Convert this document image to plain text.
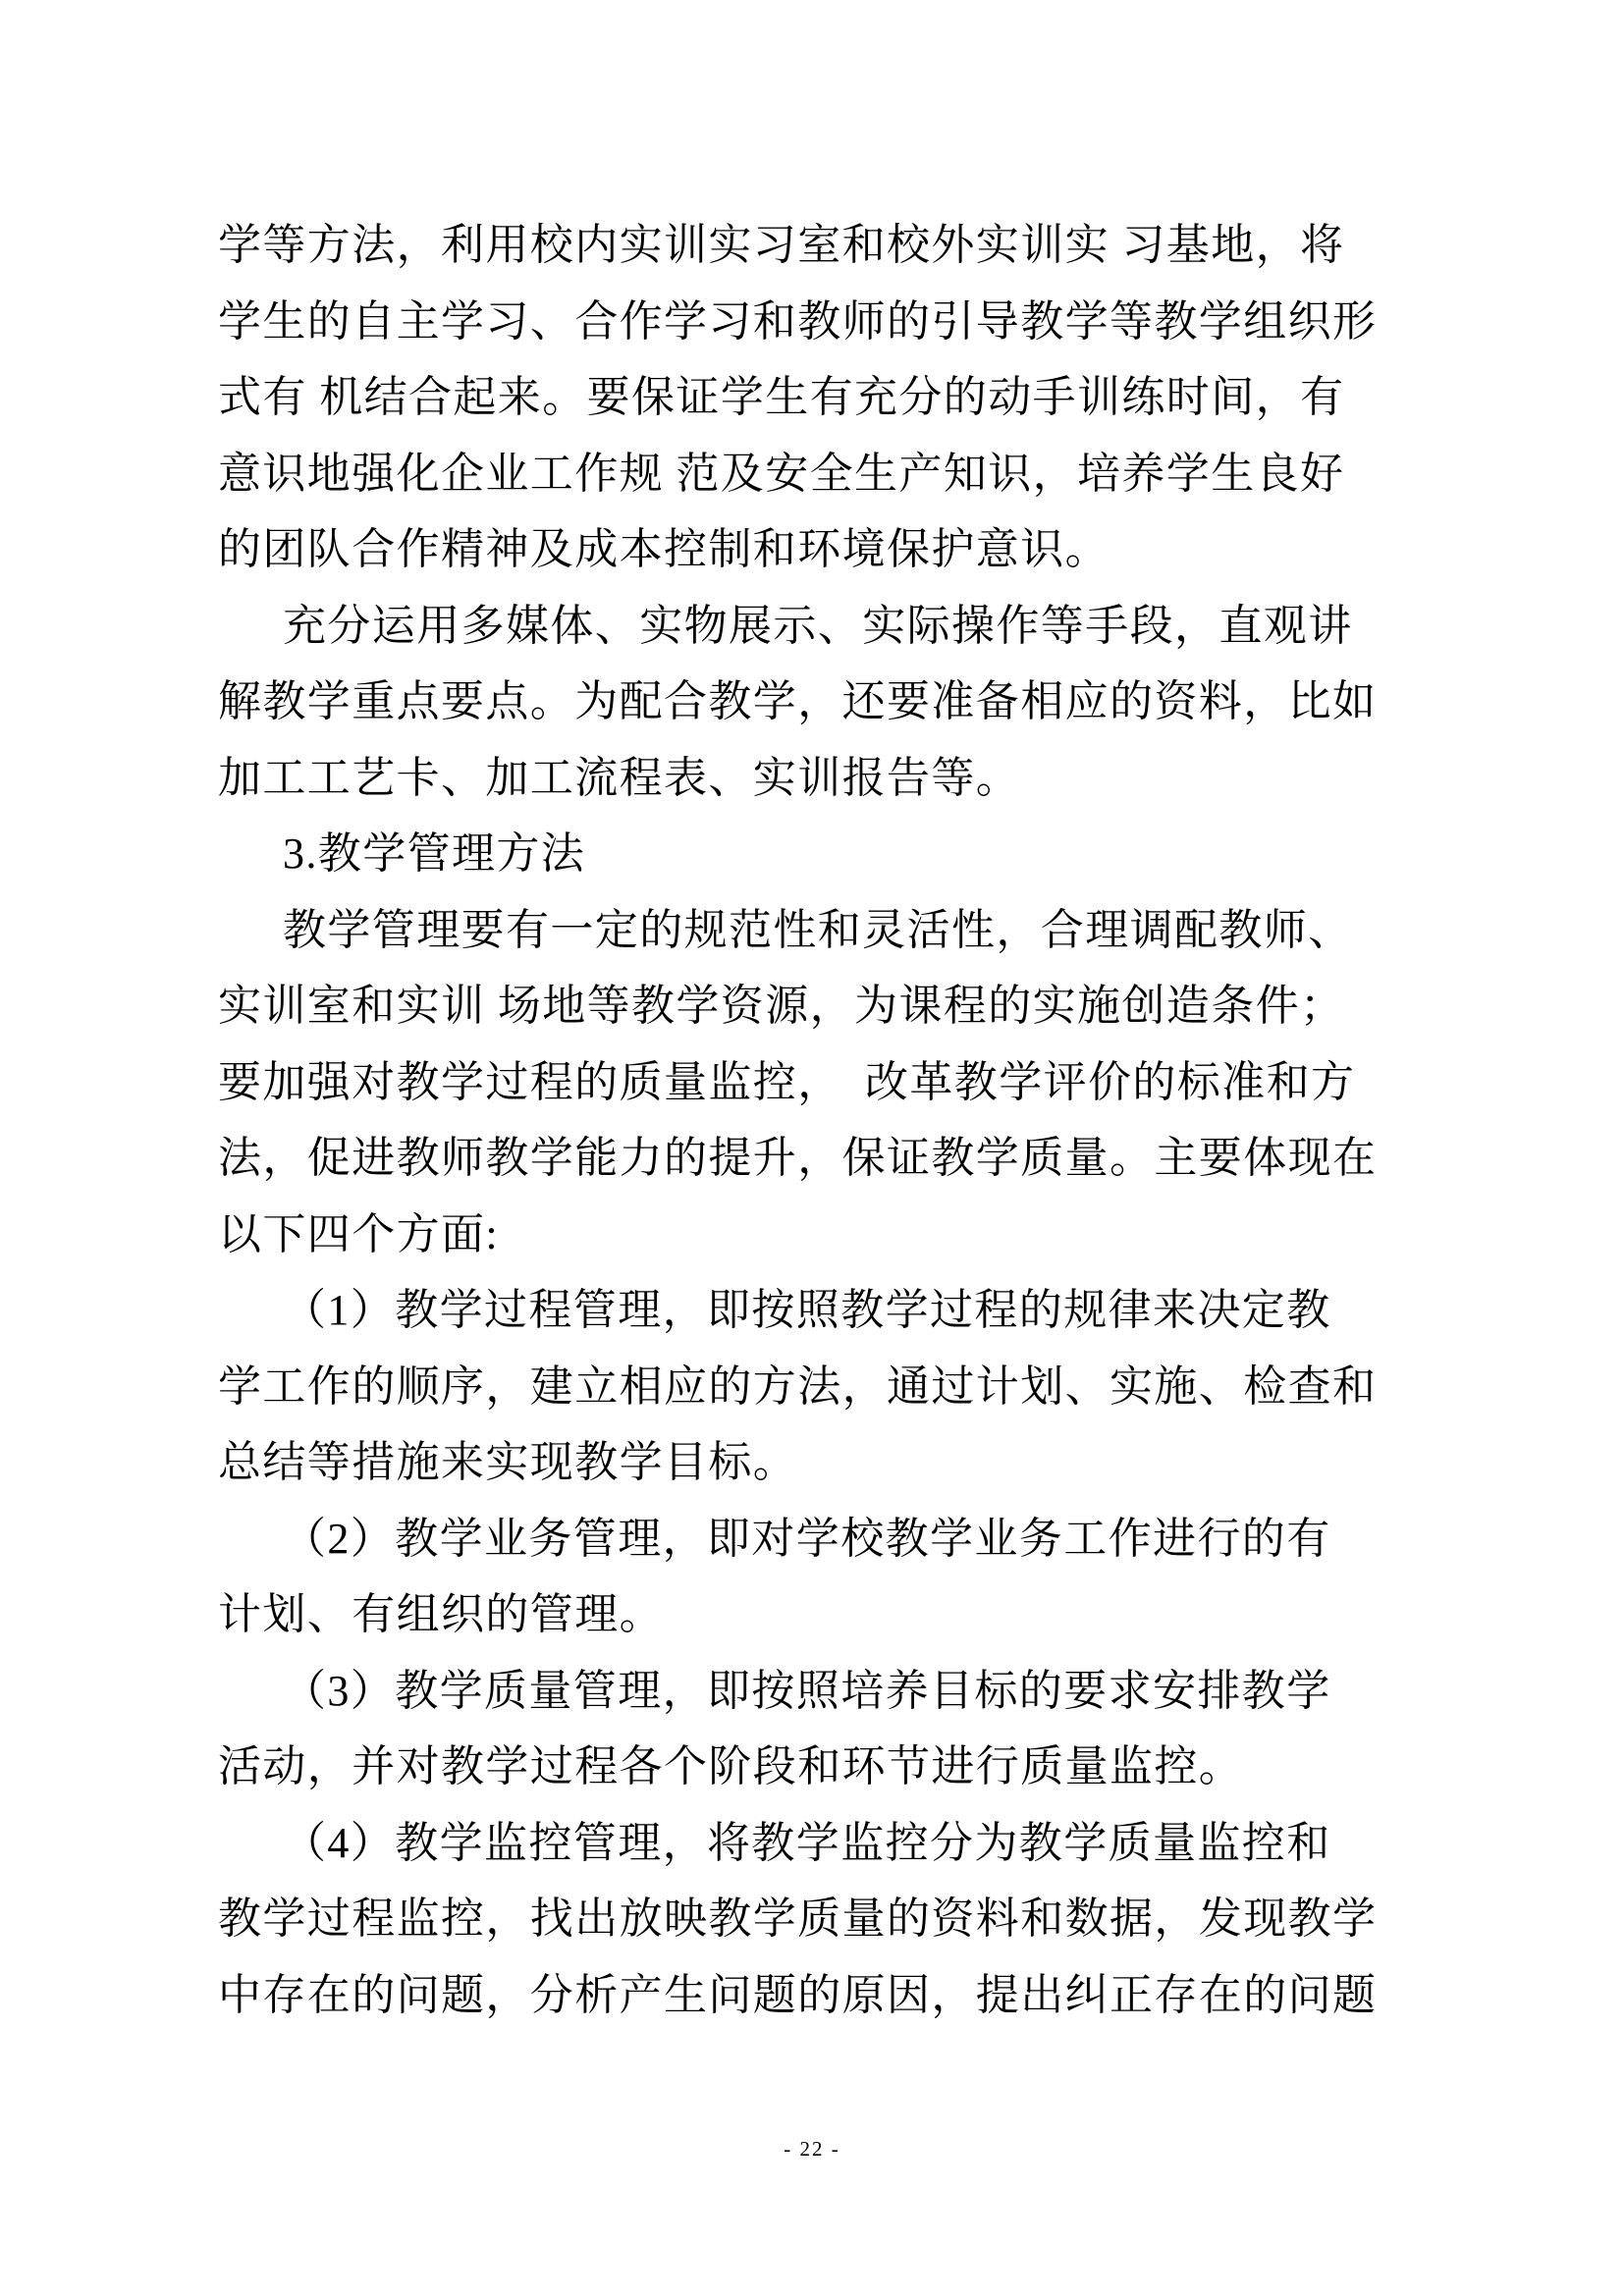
学等方法，利用校内实训实习室和校外实训实 习基地，将
学生的自主学习、合作学习和教师的引导教学等教学组织形
式有 机结合起来。要保证学生有充分的动手训练时间，有
意识地强化企业工作规 范及安全生产知识，培养学生良好
的团队合作精神及成本控制和环境保护意识。
充分运用多媒体、实物展示、实际操作等手段，直观讲
解教学重点要点。为配合教学，还要准备相应的资料，比如
加工工艺卡、加工流程表、实训报告等。
3.教学管理方法
教学管理要有一定的规范性和灵活性，合理调配教师、
实训室和实训 场地等教学资源，为课程的实施创造条件；
要加强对教学过程的质量监控，　改革教学评价的标准和方
法，促进教师教学能力的提升，保证教学质量。主要体现在
以下四个方面:
（1）教学过程管理，即按照教学过程的规律来决定教
学工作的顺序，建立相应的方法，通过计划、实施、检查和
总结等措施来实现教学目标。
（2）教学业务管理，即对学校教学业务工作进行的有
计划、有组织的管理。
（3）教学质量管理，即按照培养目标的要求安排教学
活动，并对教学过程各个阶段和环节进行质量监控。
（4）教学监控管理，将教学监控分为教学质量监控和
教学过程监控，找出放映教学质量的资料和数据，发现教学
中存在的问题，分析产生问题的原因，提出纠正存在的问题
- 22 -
